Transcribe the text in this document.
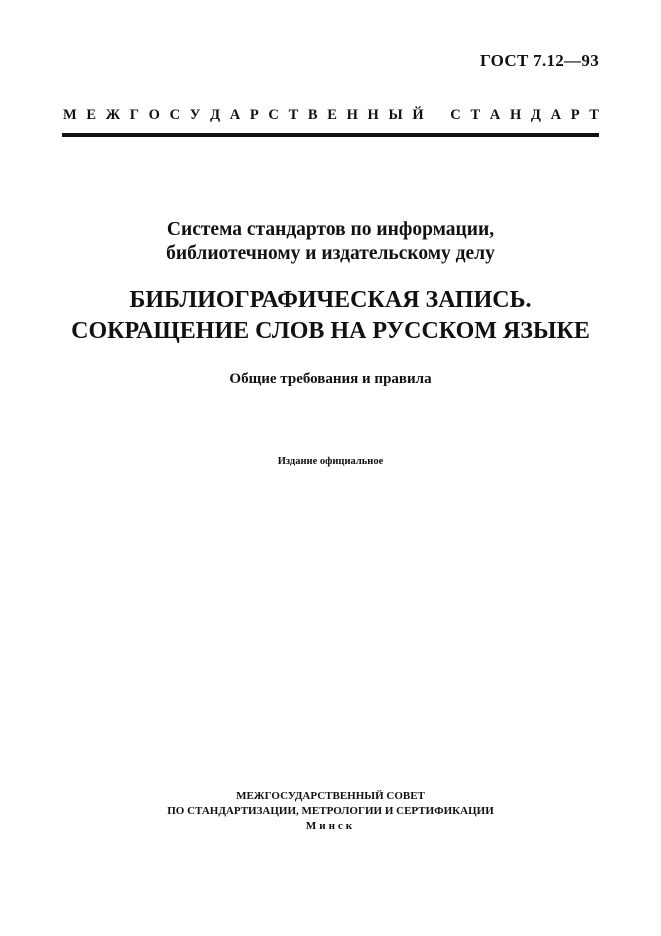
ГОСТ 7.12—93
М Е Ж Г О С У Д А Р С Т В Е Н Н Ы Й
С Т А Н Д А Р Т
Система стандартов по информации,
библиотечному и издательскому делу
БИБЛИОГРАФИЧЕСКАЯ ЗАПИСЬ.
СОКРАЩЕНИЕ СЛОВ НА РУССКОМ ЯЗЫКЕ
Общие требования и правила
Издание официальное
МЕЖГОСУДАРСТВЕННЫЙ СОВЕТ
ПО СТАНДАРТИЗАЦИИ, МЕТРОЛОГИИ И СЕРТИФИКАЦИИ
Минск
